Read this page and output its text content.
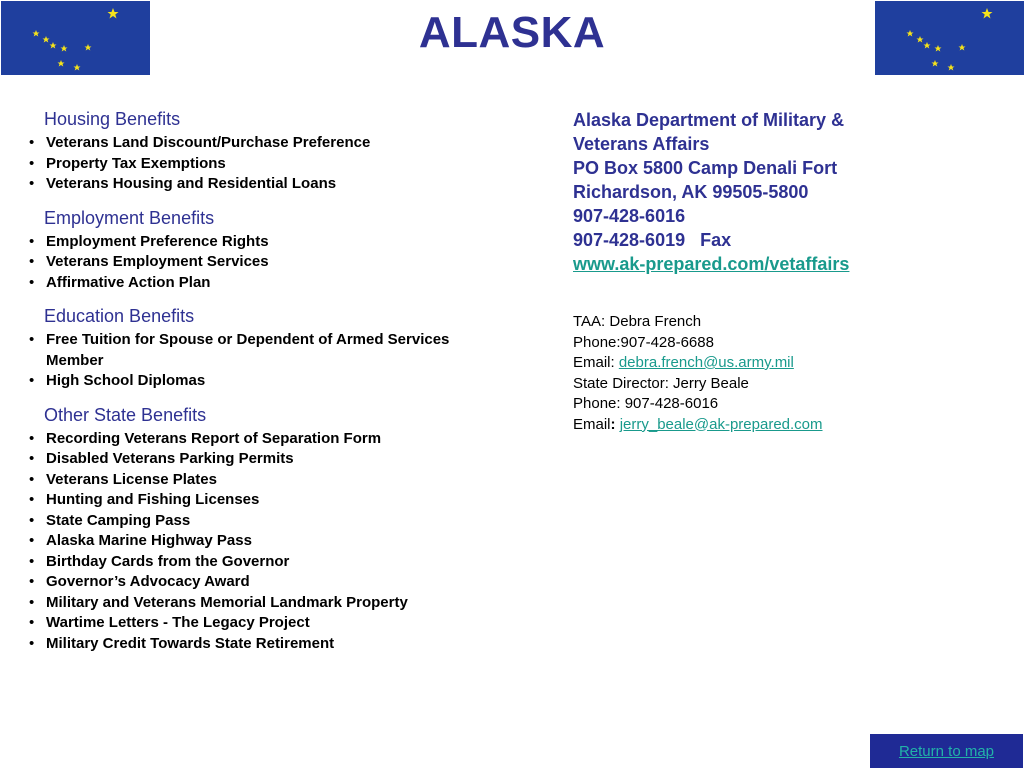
ALASKA
Housing Benefits
• Veterans Land Discount/Purchase Preference
• Property Tax Exemptions
• Veterans Housing and Residential Loans
Employment Benefits
• Employment Preference Rights
• Veterans Employment Services
• Affirmative Action Plan
Education Benefits
• Free Tuition for Spouse or Dependent of Armed Services Member
• High School Diplomas
Other State Benefits
• Recording Veterans Report of Separation Form
• Disabled Veterans Parking Permits
• Veterans License Plates
• Hunting and Fishing Licenses
• State Camping Pass
• Alaska Marine Highway Pass
• Birthday Cards from the Governor
• Governor’s Advocacy Award
• Military and Veterans Memorial Landmark Property
• Wartime Letters - The Legacy Project
• Military Credit Towards State Retirement
Alaska Department of Military & Veterans Affairs
PO Box 5800 Camp Denali Fort
Richardson, AK 99505-5800
907-428-6016
907-428-6019   Fax
www.ak-prepared.com/vetaffairs
TAA: Debra French
Phone:907-428-6688
Email: debra.french@us.army.mil
State Director: Jerry Beale
Phone: 907-428-6016
Email: jerry_beale@ak-prepared.com
Return to map
